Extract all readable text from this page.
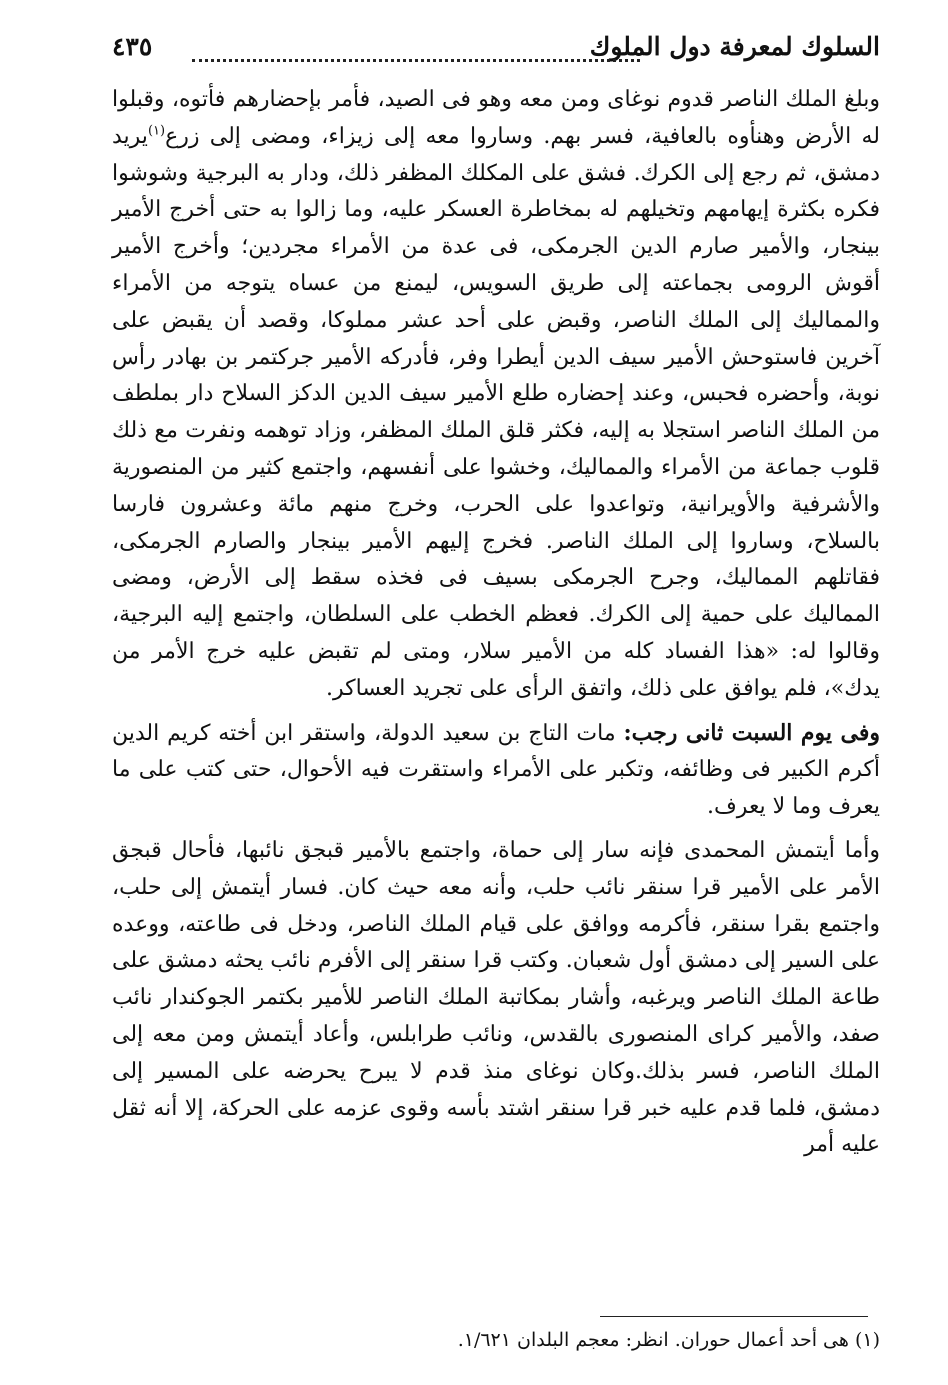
السلوك لمعرفة دول الملوك
٤٣٥

وبلغ الملك الناصر قدوم نوغاى ومن معه وهو فى الصيد، فأمر بإحضارهم فأتوه، وقبلوا له الأرض وهنأوه بالعافية، فسر بهم. وساروا معه إلى زيزاء، ومضى إلى زرع$^{(١)}$يريد دمشق، ثم رجع إلى الكرك. فشق على المكلك المظفر ذلك، ودار به البرجية وشوشوا فكره بكثرة إيهامهم وتخيلهم له بمخاطرة العسكر عليه، وما زالوا به حتى أخرج الأمير بينجار، والأمير صارم الدين الجرمكى، فى عدة من الأمراء مجردين؛ وأخرج الأمير أقوش الرومى بجماعته إلى طريق السويس، ليمنع من عساه يتوجه من الأمراء والمماليك إلى الملك الناصر، وقبض على أحد عشر مملوكا، وقصد أن يقبض على آخرين فاستوحش الأمير سيف الدين أيطرا وفر، فأدركه الأمير جركتمر بن بهادر رأس نوبة، وأحضره فحبس، وعند إحضاره طلع الأمير سيف الدين الدكز السلاح دار بملطف من الملك الناصر استجلا به إليه، فكثر قلق الملك المظفر، وزاد توهمه ونفرت مع ذلك قلوب جماعة من الأمراء والمماليك، وخشوا على أنفسهم، واجتمع كثير من المنصورية والأشرفية والأويرانية، وتواعدوا على الحرب، وخرج منهم مائة وعشرون فارسا بالسلاح، وساروا إلى الملك الناصر. فخرج إليهم الأمير بينجار والصارم الجرمكى، فقاتلهم المماليك، وجرح الجرمكى بسيف فى فخذه سقط إلى الأرض، ومضى المماليك على حمية إلى الكرك. فعظم الخطب على السلطان، واجتمع إليه البرجية، وقالوا له: «هذا الفساد كله من الأمير سلار، ومتى لم تقبض عليه خرج الأمر من يدك»، فلم يوافق على ذلك، واتفق الرأى على تجريد العساكر.

وفى يوم السبت ثانى رجب: مات التاج بن سعيد الدولة، واستقر ابن أخته كريم الدين أكرم الكبير فى وظائفه، وتكبر على الأمراء واستقرت فيه الأحوال، حتى كتب على ما يعرف وما لا يعرف.

وأما أيتمش المحمدى فإنه سار إلى حماة، واجتمع بالأمير قبجق نائبها، فأحال قبجق الأمر على الأمير قرا سنقر نائب حلب، وأنه معه حيث كان. فسار أيتمش إلى حلب، واجتمع بقرا سنقر، فأكرمه ووافق على قيام الملك الناصر، ودخل فى طاعته، ووعده على السير إلى دمشق أول شعبان. وكتب قرا سنقر إلى الأفرم نائب يحثه دمشق على طاعة الملك الناصر ويرغبه، وأشار بمكاتبة الملك الناصر للأمير بكتمر الجوكندار نائب صفد، والأمير كراى المنصورى بالقدس، ونائب طرابلس، وأعاد أيتمش ومن معه إلى الملك الناصر، فسر بذلك.وكان نوغاى منذ قدم لا يبرح يحرضه على المسير إلى دمشق، فلما قدم عليه خبر قرا سنقر اشتد بأسه وقوى عزمه على الحركة، إلا أنه ثقل عليه أمر

(١) هى أحد أعمال حوران. انظر: معجم البلدان ١/٦٢١.
